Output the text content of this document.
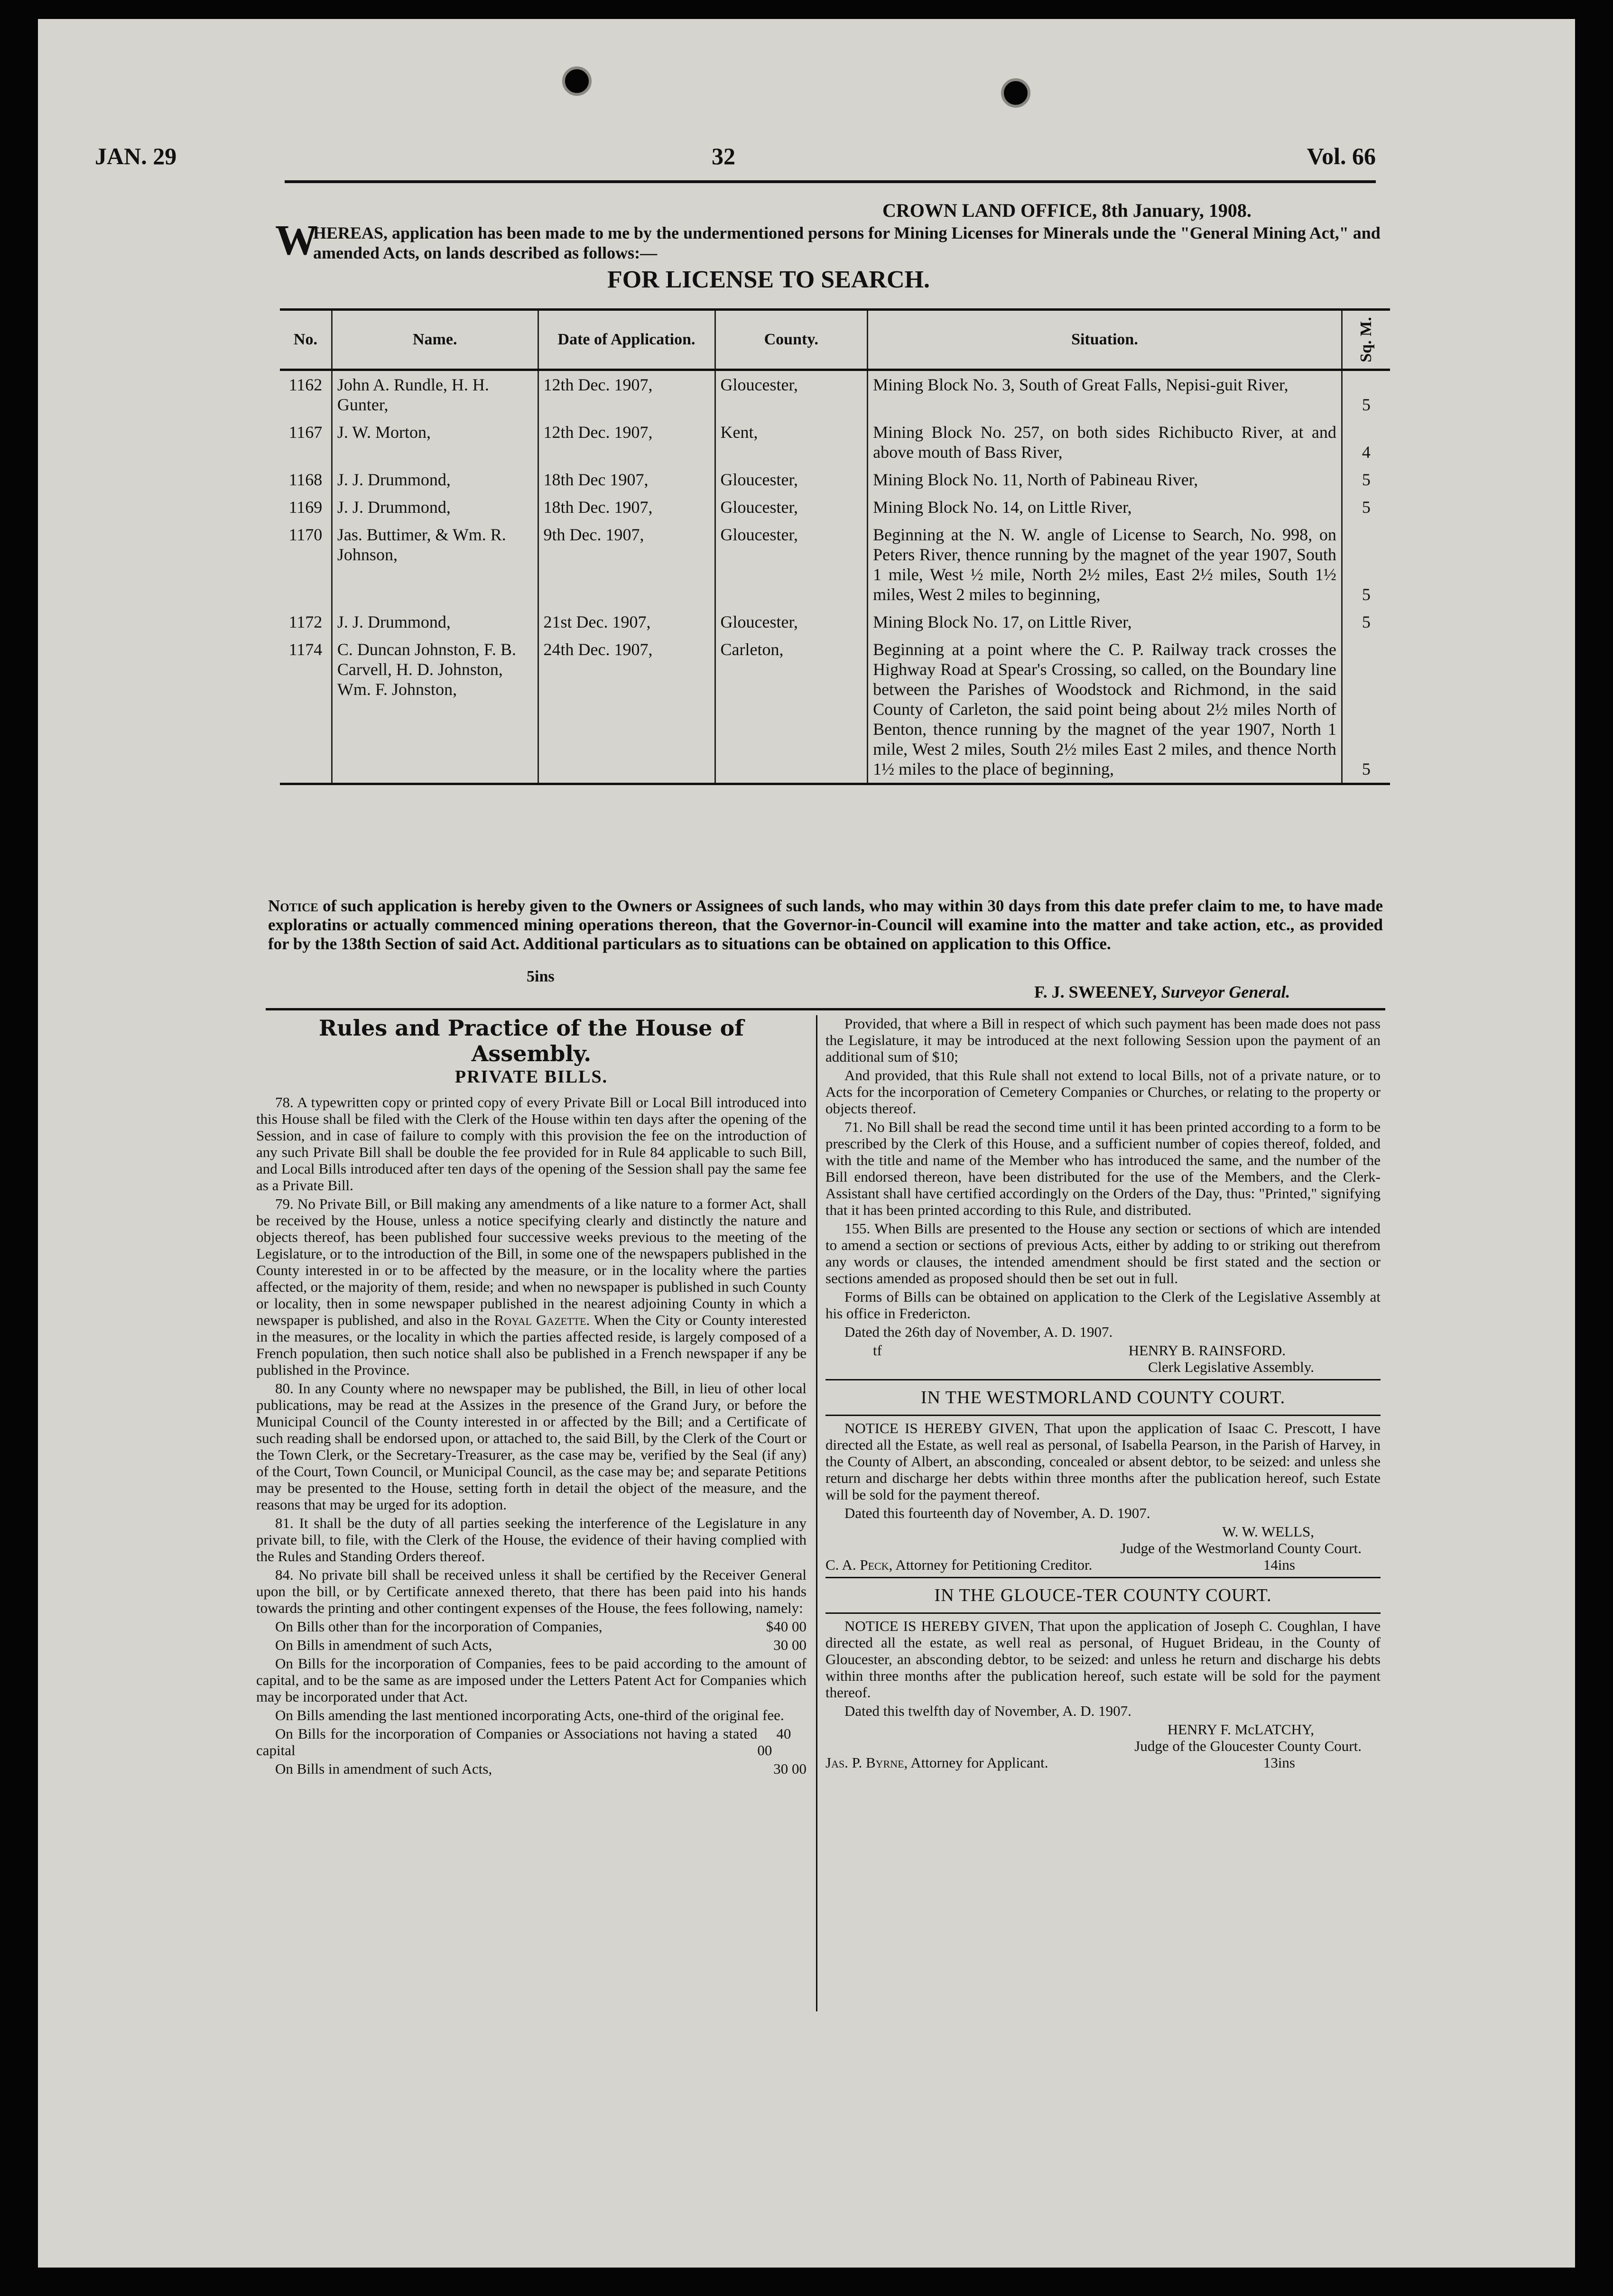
JAN. 29	32	Vol. 66
CROWN LAND OFFICE, 8th January, 1908.
W
HEREAS, application has been made to me by the undermentioned persons for Mining Licenses for Minerals unde the "General Mining Act," and amended Acts, on lands described as follows:—
FOR LICENSE TO SEARCH.
No.	Name.	Date of Application.	County.	Situation.	Sq. M.

1162	John A. Rundle, H. H. Gunter,	12th Dec. 1907,	Gloucester,	Mining Block No. 3, South of Great Falls, Nepisi-guit River,	5
1167	J. W. Morton,	12th Dec. 1907,	Kent,	Mining Block No. 257, on both sides Richibucto River, at and above mouth of Bass River,	4
1168	J. J. Drummond,	18th Dec 1907,	Gloucester,	Mining Block No. 11, North of Pabineau River,	5
1169	J. J. Drummond,	18th Dec. 1907,	Gloucester,	Mining Block No. 14, on Little River,	5
1170	Jas. Buttimer, & Wm. R. Johnson,	9th Dec. 1907,	Gloucester,	Beginning at the N. W. angle of License to Search, No. 998, on Peters River, thence running by the magnet of the year 1907, South 1 mile, West ½ mile, North 2½ miles, East 2½ miles, South 1½ miles, West 2 miles to beginning,	5
1172	J. J. Drummond,	21st Dec. 1907,	Gloucester,	Mining Block No. 17, on Little River,	5
1174	C. Duncan Johnston, F. B. Carvell, H. D. Johnston, Wm. F. Johnston,	24th Dec. 1907,	Carleton,	Beginning at a point where the C. P. Railway track crosses the Highway Road at Spear's Crossing, so called, on the Boundary line between the Parishes of Woodstock and Richmond, in the said County of Carleton, the said point being about 2½ miles North of Benton, thence running by the magnet of the year 1907, North 1 mile, West 2 miles, South 2½ miles East 2 miles, and thence North 1½ miles to the place of beginning,	5
Notice of such application is hereby given to the Owners or Assignees of such lands, who may within 30 days from this date prefer claim to me, to have made exploratins or actually commenced mining operations thereon, that the Governor-in-Council will examine into the matter and take action, etc., as provided for by the 138th Section of said Act. Additional particulars as to situations can be obtained on application to this Office.
5ins
F. J. SWEENEY, Surveyor General.
Rules and Practice of the House of Assembly.
PRIVATE BILLS.

78. A typewritten copy or printed copy of every Private Bill or Local Bill introduced into this House shall be filed with the Clerk of the House within ten days after the opening of the Session, and in case of failure to comply with this provision the fee on the introduction of any such Private Bill shall be double the fee provided for in Rule 84 applicable to such Bill, and Local Bills introduced after ten days of the opening of the Session shall pay the same fee as a Private Bill.

79. No Private Bill, or Bill making any amendments of a like nature to a former Act, shall be received by the House, unless a notice specifying clearly and distinctly the nature and objects thereof, has been published four successive weeks previous to the meeting of the Legislature, or to the introduction of the Bill, in some one of the newspapers published in the County interested in or to be affected by the measure, or in the locality where the parties affected, or the majority of them, reside; and when no newspaper is published in such County or locality, then in some newspaper published in the nearest adjoining County in which a newspaper is published, and also in the Royal Gazette. When the City or County interested in the measures, or the locality in which the parties affected reside, is largely composed of a French population, then such notice shall also be published in a French newspaper if any be published in the Province.

80. In any County where no newspaper may be published, the Bill, in lieu of other local publications, may be read at the Assizes in the presence of the Grand Jury, or before the Municipal Council of the County interested in or affected by the Bill; and a Certificate of such reading shall be endorsed upon, or attached to, the said Bill, by the Clerk of the Court or the Town Clerk, or the Secretary-Treasurer, as the case may be, verified by the Seal (if any) of the Court, Town Council, or Municipal Council, as the case may be; and separate Petitions may be presented to the House, setting forth in detail the object of the measure, and the reasons that may be urged for its adoption.

81. It shall be the duty of all parties seeking the interference of the Legislature in any private bill, to file, with the Clerk of the House, the evidence of their having complied with the Rules and Standing Orders thereof.

84. No private bill shall be received unless it shall be certified by the Receiver General upon the bill, or by Certificate annexed thereto, that there has been paid into his hands towards the printing and other contingent expenses of the House, the fees following, namely:

On Bills other than for the incorporation of Companies,	$40 00
On Bills in amendment of such Acts,	30 00

On Bills for the incorporation of Companies, fees to be paid according to the amount of capital, and to be the same as are imposed under the Letters Patent Act for Companies which may be incorporated under that Act.

On Bills amending the last mentioned incorporating Acts, one-third of the original fee.

On Bills for the incorporation of Companies or Associations not having a stated capital
40 00
On Bills in amendment of such Acts,	30 00

Provided, that where a Bill in respect of which such payment has been made does not pass the Legislature, it may be introduced at the next following Session upon the payment of an additional sum of $10;

And provided, that this Rule shall not extend to local Bills, not of a private nature, or to Acts for the incorporation of Cemetery Companies or Churches, or relating to the property or objects thereof.

71. No Bill shall be read the second time until it has been printed according to a form to be prescribed by the Clerk of this House, and a sufficient number of copies thereof, folded, and with the title and name of the Member who has introduced the same, and the number of the Bill endorsed thereon, have been distributed for the use of the Members, and the Clerk-Assistant shall have certified accordingly on the Orders of the Day, thus: "Printed," signifying that it has been printed according to this Rule, and distributed.

155. When Bills are presented to the House any section or sections of which are intended to amend a section or sections of previous Acts, either by adding to or striking out therefrom any words or clauses, the intended amendment should be first stated and the section or sections amended as proposed should then be set out in full.

Forms of Bills can be obtained on application to the Clerk of the Legislative Assembly at his office in Fredericton.

Dated the 26th day of November, A. D. 1907.

tf	HENRY B. RAINSFORD.
Clerk Legislative Assembly.
IN THE WESTMORLAND COUNTY COURT.

NOTICE IS HEREBY GIVEN, That upon the application of Isaac C. Prescott, I have directed all the Estate, as well real as personal, of Isabella Pearson, in the Parish of Harvey, in the County of Albert, an absconding, concealed or absent debtor, to be seized: and unless she return and discharge her debts within three months after the publication hereof, such Estate will be sold for the payment thereof.

Dated this fourteenth day of November, A. D. 1907.

W. W. WELLS,
Judge of the Westmorland County Court.
C. A. Peck, Attorney for Petitioning Creditor.	14ins
IN THE GLOUCE-TER COUNTY COURT.

NOTICE IS HEREBY GIVEN, That upon the application of Joseph C. Coughlan, I have directed all the estate, as well real as personal, of Huguet Brideau, in the County of Gloucester, an absconding debtor, to be seized: and unless he return and discharge his debts within three months after the publication hereof, such estate will be sold for the payment thereof.

Dated this twelfth day of November, A. D. 1907.

HENRY F. McLATCHY,
Judge of the Gloucester County Court.
Jas. P. Byrne, Attorney for Applicant.	13ins
